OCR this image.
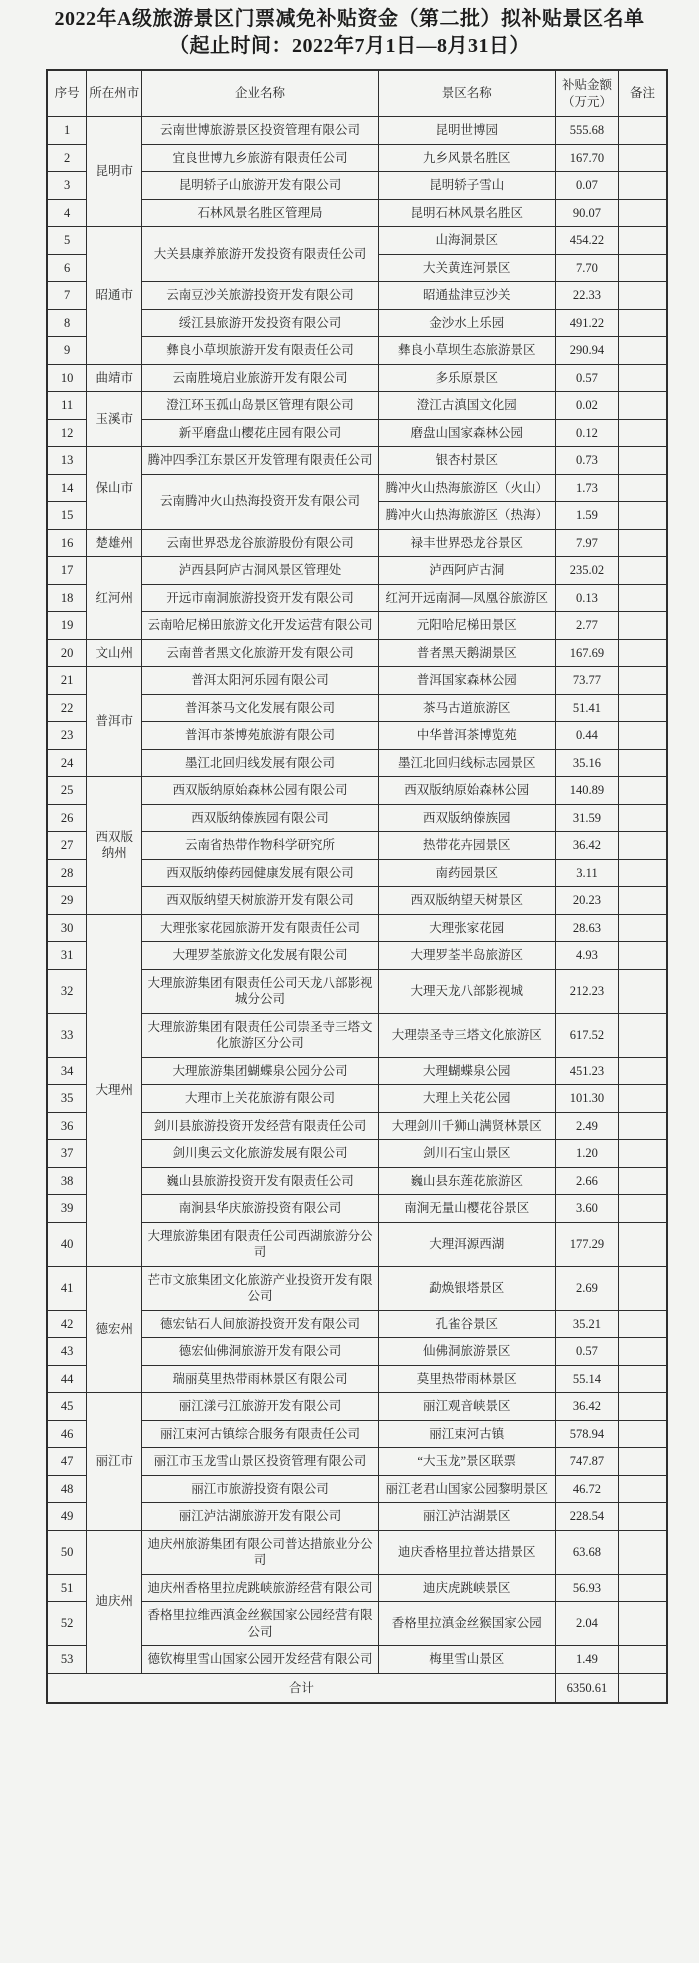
2022年A级旅游景区门票减免补贴资金（第二批）拟补贴景区名单
（起止时间：2022年7月1日—8月31日）
序号	所在州市	企业名称	景区名称	补贴金额（万元）	备注
1	昆明市	云南世博旅游景区投资管理有限公司	昆明世博园	555.68	
2		宜良世博九乡旅游有限责任公司	九乡风景名胜区	167.70	
3		昆明轿子山旅游开发有限公司	昆明轿子雪山	0.07	
4		石林风景名胜区管理局	昆明石林风景名胜区	90.07	
5	昭通市	大关县康养旅游开发投资有限责任公司	山海洞景区	454.22	
6			大关黄连河景区	7.70	
7		云南豆沙关旅游投资开发有限公司	昭通盐津豆沙关	22.33	
8		绥江县旅游开发投资有限公司	金沙水上乐园	491.22	
9		彝良小草坝旅游开发有限责任公司	彝良小草坝生态旅游景区	290.94	
10	曲靖市	云南胜境启业旅游开发有限公司	多乐原景区	0.57	
11	玉溪市	澄江环玉孤山岛景区管理有限公司	澄江古滇国文化园	0.02	
12		新平磨盘山樱花庄园有限公司	磨盘山国家森林公园	0.12	
13	保山市	腾冲四季江东景区开发管理有限责任公司	银杏村景区	0.73	
14		云南腾冲火山热海投资开发有限公司	腾冲火山热海旅游区（火山）	1.73	
15			腾冲火山热海旅游区（热海）	1.59	
16	楚雄州	云南世界恐龙谷旅游股份有限公司	禄丰世界恐龙谷景区	7.97	
17	红河州	泸西县阿庐古洞风景区管理处	泸西阿庐古洞	235.02	
18		开远市南洞旅游投资开发有限公司	红河开远南洞—凤凰谷旅游区	0.13	
19		云南哈尼梯田旅游文化开发运营有限公司	元阳哈尼梯田景区	2.77	
20	文山州	云南普者黑文化旅游开发有限公司	普者黑天鹅湖景区	167.69	
21	普洱市	普洱太阳河乐园有限公司	普洱国家森林公园	73.77	
22		普洱茶马文化发展有限公司	茶马古道旅游区	51.41	
23		普洱市茶博苑旅游有限公司	中华普洱茶博览苑	0.44	
24		墨江北回归线发展有限公司	墨江北回归线标志园景区	35.16	
25	西双版纳州	西双版纳原始森林公园有限公司	西双版纳原始森林公园	140.89	
26		西双版纳傣族园有限公司	西双版纳傣族园	31.59	
27		云南省热带作物科学研究所	热带花卉园景区	36.42	
28		西双版纳傣药园健康发展有限公司	南药园景区	3.11	
29		西双版纳望天树旅游开发有限公司	西双版纳望天树景区	20.23	
30	大理州	大理张家花园旅游开发有限责任公司	大理张家花园	28.63	
31		大理罗荃旅游文化发展有限公司	大理罗荃半岛旅游区	4.93	
32		大理旅游集团有限责任公司天龙八部影视城分公司	大理天龙八部影视城	212.23	
33		大理旅游集团有限责任公司崇圣寺三塔文化旅游区分公司	大理崇圣寺三塔文化旅游区	617.52	
34		大理旅游集团蝴蝶泉公园分公司	大理蝴蝶泉公园	451.23	
35		大理市上关花旅游有限公司	大理上关花公园	101.30	
36		剑川县旅游投资开发经营有限责任公司	大理剑川千狮山满贤林景区	2.49	
37		剑川奥云文化旅游发展有限公司	剑川石宝山景区	1.20	
38		巍山县旅游投资开发有限责任公司	巍山县东莲花旅游区	2.66	
39		南涧县华庆旅游投资有限公司	南涧无量山樱花谷景区	3.60	
40		大理旅游集团有限责任公司西湖旅游分公司	大理洱源西湖	177.29	
41	德宏州	芒市文旅集团文化旅游产业投资开发有限公司	勐焕银塔景区	2.69	
42		德宏钻石人间旅游投资开发有限公司	孔雀谷景区	35.21	
43		德宏仙佛洞旅游开发有限公司	仙佛洞旅游景区	0.57	
44		瑞丽莫里热带雨林景区有限公司	莫里热带雨林景区	55.14	
45	丽江市	丽江漾弓江旅游开发有限公司	丽江观音峡景区	36.42	
46		丽江束河古镇综合服务有限责任公司	丽江束河古镇	578.94	
47		丽江市玉龙雪山景区投资管理有限公司	“大玉龙”景区联票	747.87	
48		丽江市旅游投资有限公司	丽江老君山国家公园黎明景区	46.72	
49		丽江泸沽湖旅游开发有限公司	丽江泸沽湖景区	228.54	
50	迪庆州	迪庆州旅游集团有限公司普达措旅业分公司	迪庆香格里拉普达措景区	63.68	
51		迪庆州香格里拉虎跳峡旅游经营有限公司	迪庆虎跳峡景区	56.93	
52		香格里拉维西滇金丝猴国家公园经营有限公司	香格里拉滇金丝猴国家公园	2.04	
53		德钦梅里雪山国家公园开发经营有限公司	梅里雪山景区	1.49	
合计				6350.61	
